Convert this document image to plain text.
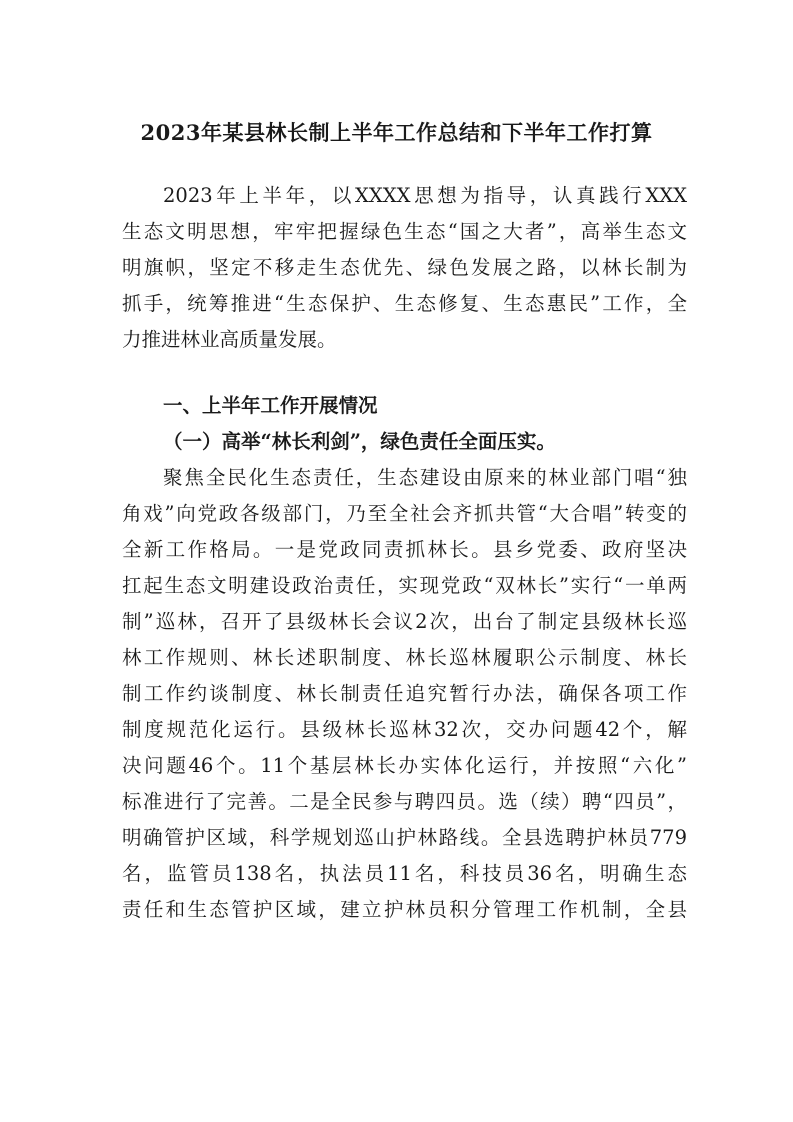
2023年某县林长制上半年工作总结和下半年工作打算
2023年上半年，以XXXX思想为指导，认真践行XXX
生态文明思想，牢牢把握绿色生态“国之大者”，高举生态文
明旗帜，坚定不移走生态优先、绿色发展之路，以林长制为
抓手，统筹推进“生态保护、生态修复、生态惠民”工作，全
力推进林业高质量发展。
一、上半年工作开展情况
（一）高举“林长利剑”，绿色责任全面压实。
聚焦全民化生态责任，生态建设由原来的林业部门唱“独
角戏”向党政各级部门，乃至全社会齐抓共管“大合唱”转变的
全新工作格局。一是党政同责抓林长。县乡党委、政府坚决
扛起生态文明建设政治责任，实现党政“双林长”实行“一单两
制”巡林，召开了县级林长会议2次，出台了制定县级林长巡
林工作规则、林长述职制度、林长巡林履职公示制度、林长
制工作约谈制度、林长制责任追究暂行办法，确保各项工作
制度规范化运行。县级林长巡林32次，交办问题42个，解
决问题46个。11个基层林长办实体化运行，并按照“六化”
标准进行了完善。二是全民参与聘四员。选（续）聘“四员”，
明确管护区域，科学规划巡山护林路线。全县选聘护林员779
名，监管员138名，执法员11名，科技员36名，明确生态
责任和生态管护区域，建立护林员积分管理工作机制，全县
